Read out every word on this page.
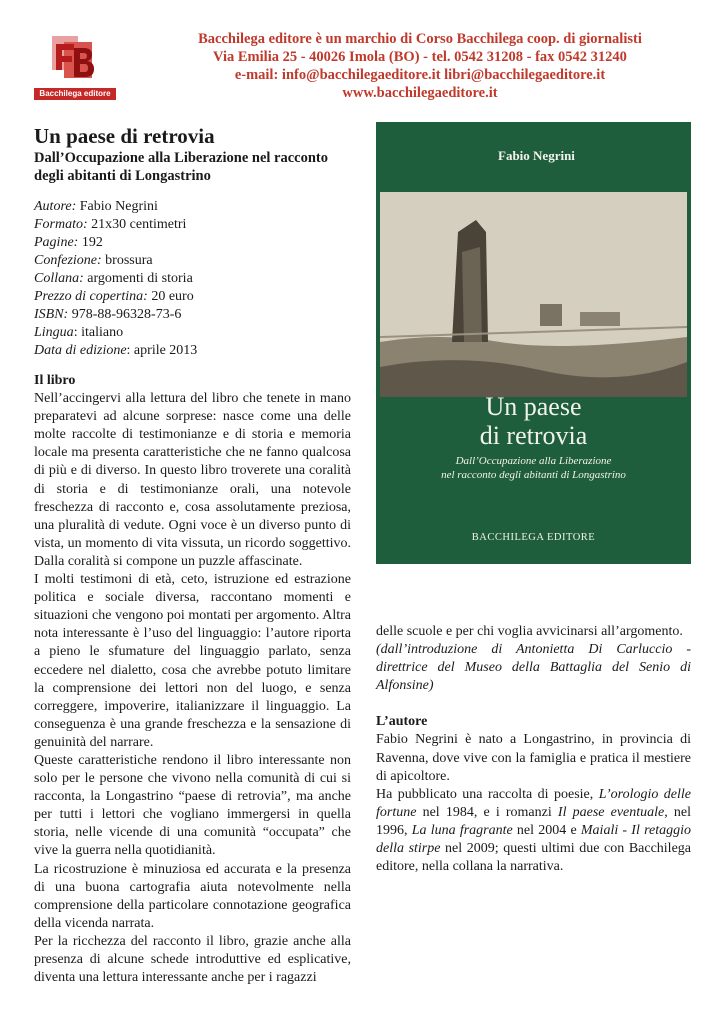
Bacchilega editore
Bacchilega editore è un marchio di Corso Bacchilega coop. di giornalisti
Via Emilia 25 - 40026 Imola (BO) - tel. 0542 31208 - fax 0542 31240
e-mail: info@bacchilegaeditore.it libri@bacchilegaeditore.it
www.bacchilegaeditore.it
Un paese di retrovia
Dall’Occupazione alla Liberazione nel racconto degli abitanti di Longastrino
Autore: Fabio Negrini
Formato: 21x30 centimetri
Pagine: 192
Confezione: brossura
Collana: argomenti di storia
Prezzo di copertina: 20 euro
ISBN: 978-88-96328-73-6
Lingua: italiano
Data di edizione: aprile 2013
Fabio Negrini
Un paese
di retrovia
Dall’Occupazione alla Liberazione
nel racconto degli abitanti di Longastrino
BACCHILEGA EDITORE
Il libro

Nell’accingervi alla lettura del libro che tenete in mano preparatevi ad alcune sorprese: nasce come una delle molte raccolte di testimonianze e di storia e memoria locale ma presenta caratteristiche che ne fanno qualcosa di più e di diverso. In questo libro troverete una coralità di storia e di testimonianze orali, una notevole freschezza di racconto e, cosa assolutamente preziosa, una pluralità di vedute. Ogni voce è un diverso punto di vista, un momento di vita vissuta, un ricordo soggettivo. Dalla coralità si compone un puzzle affascinate.

I molti testimoni di età, ceto, istruzione ed estrazione politica e sociale diversa, raccontano momenti e situazioni che vengono poi montati per argomento. Altra nota interessante è l’uso del linguaggio: l’autore riporta a pieno le sfumature del linguaggio parlato, senza eccedere nel dialetto, cosa che avrebbe potuto limitare la comprensione dei lettori non del luogo, e senza correggere, impoverire, italianizzare il linguaggio. La conseguenza è una grande freschezza e la sensazione di genuinità del narrare.

Queste caratteristiche rendono il libro interessante non solo per le persone che vivono nella comunità di cui si racconta, la Longastrino “paese di retrovia”, ma anche per tutti i lettori che vogliano immergersi in quella storia, nelle vicende di una comunità “occupata” che vive la guerra nella quotidianità.

La ricostruzione è minuziosa ed accurata e la presenza di una buona cartografia aiuta notevolmente nella comprensione della particolare connotazione geografica della vicenda narrata.

Per la ricchezza del racconto il libro, grazie anche alla presenza di alcune schede introduttive ed esplicative, diventa una lettura interessante anche per i ragazzi

delle scuole e per chi voglia avvicinarsi all’argomento.

(dall’introduzione di Antonietta Di Carluccio - direttrice del Museo della Battaglia del Senio di Alfonsine)

L’autore

Fabio Negrini è nato a Longastrino, in provincia di Ravenna, dove vive con la famiglia e pratica il mestiere di apicoltore.

Ha pubblicato una raccolta di poesie, L’orologio delle fortune nel 1984, e i romanzi Il paese eventuale, nel 1996, La luna fragrante nel 2004 e Maiali - Il retaggio della stirpe nel 2009; questi ultimi due con Bacchilega editore, nella collana la narrativa.
